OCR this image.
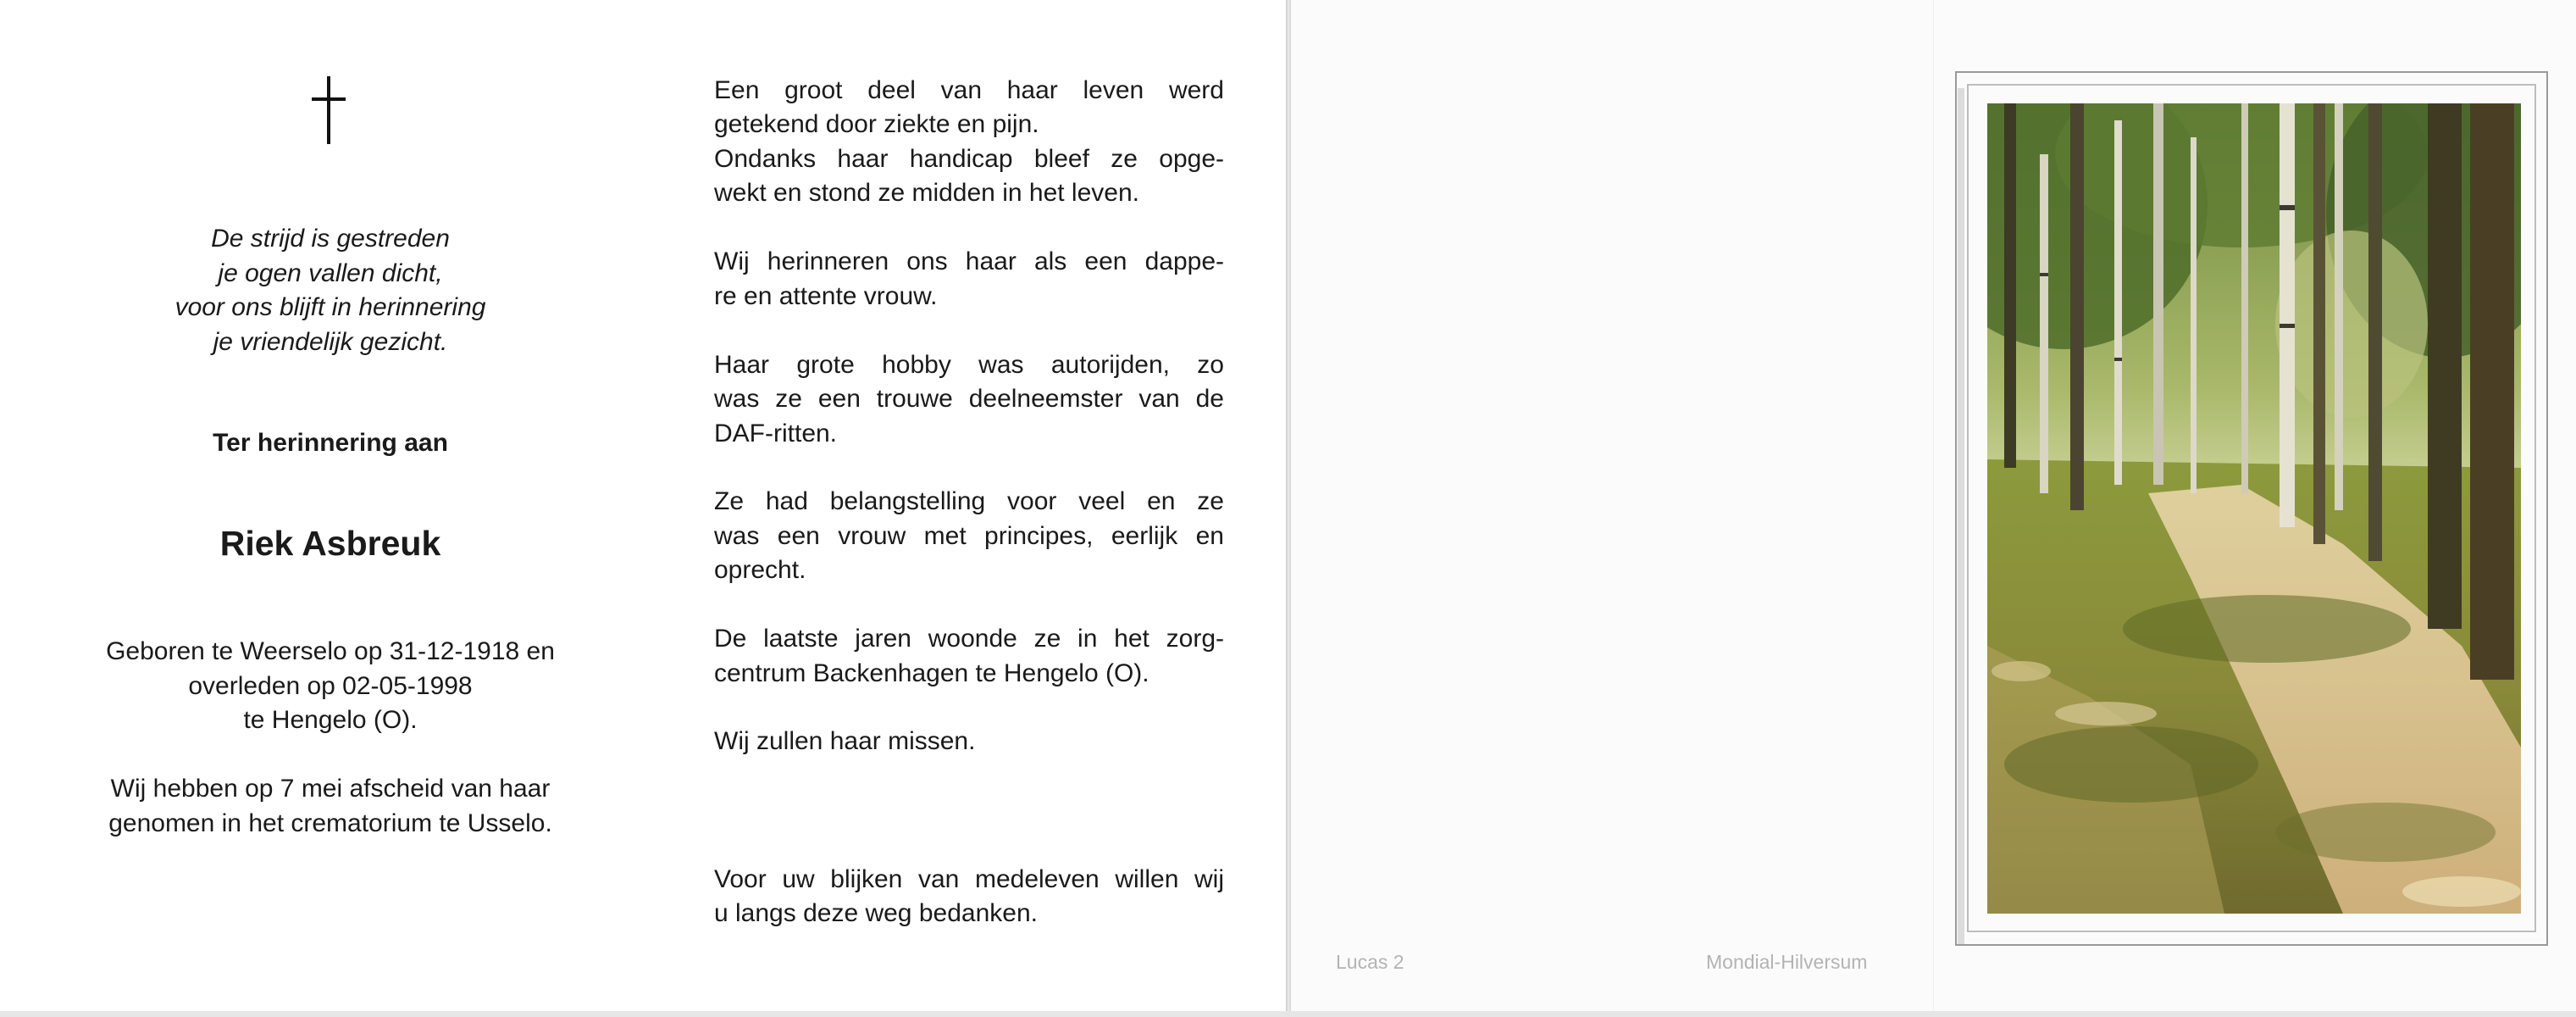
De strijd is gestreden
je ogen vallen dicht,
voor ons blijft in herinnering
je vriendelijk gezicht.
Ter herinnering aan
Riek Asbreuk
Geboren te Weerselo op 31-12-1918 en
overleden op 02-05-1998
te Hengelo (O).
Wij hebben op 7 mei afscheid van haar
genomen in het crematorium te Usselo.
Een groot deel van haar leven werd
getekend door ziekte en pijn.
Ondanks haar handicap bleef ze opge-
wekt en stond ze midden in het leven.
Wij herinneren ons haar als een dappe-
re en attente vrouw.
Haar grote hobby was autorijden, zo
was ze een trouwe deelneemster van de
DAF-ritten.
Ze had belangstelling voor veel en ze
was een vrouw met principes, eerlijk en
oprecht.
De laatste jaren woonde ze in het zorg-
centrum Backenhagen te Hengelo (O).
Wij zullen haar missen.
Voor uw blijken van medeleven willen wij
u langs deze weg bedanken.
Lucas 2	Mondial-Hilversum
